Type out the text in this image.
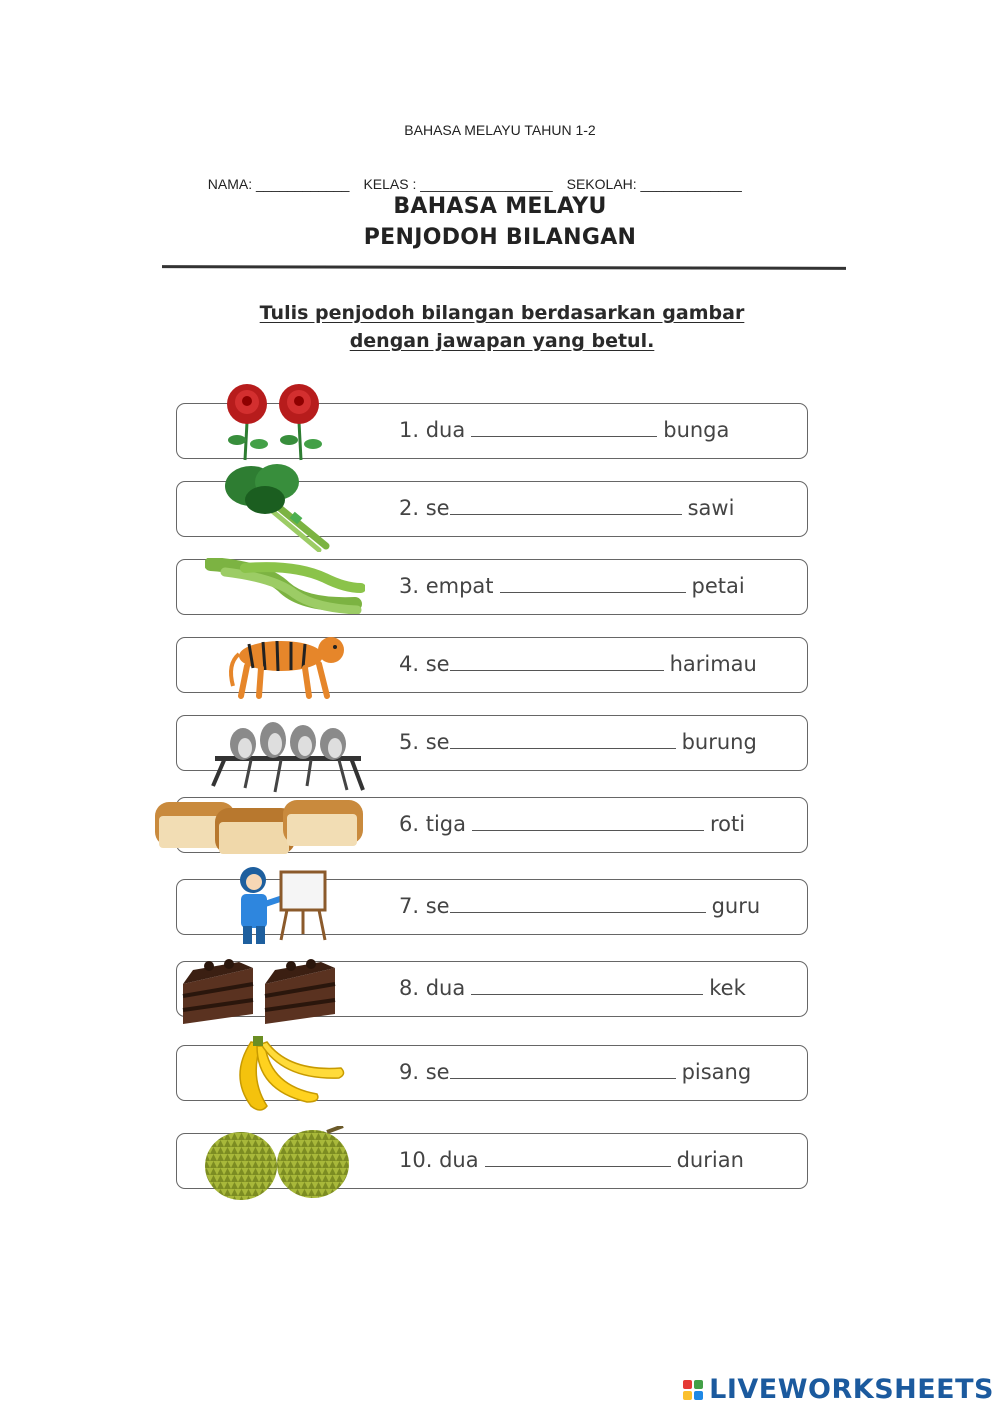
BAHASA MELAYU TAHUN 1-2

NAMA: ____________ KELAS : _________________ SEKOLAH: _____________

BAHASA MELAYU
PENJODOH BILANGAN
Tulis penjodoh bilangan berdasarkan gambar
dengan jawapan yang betul.
1. dua	bunga
2. se	sawi
3. empat	petai
4. se	harimau
5. se	burung
6. tiga	roti
7. se	guru
8. dua	kek
9. se	pisang
10. dua	durian
LIVEWORKSHEETS
